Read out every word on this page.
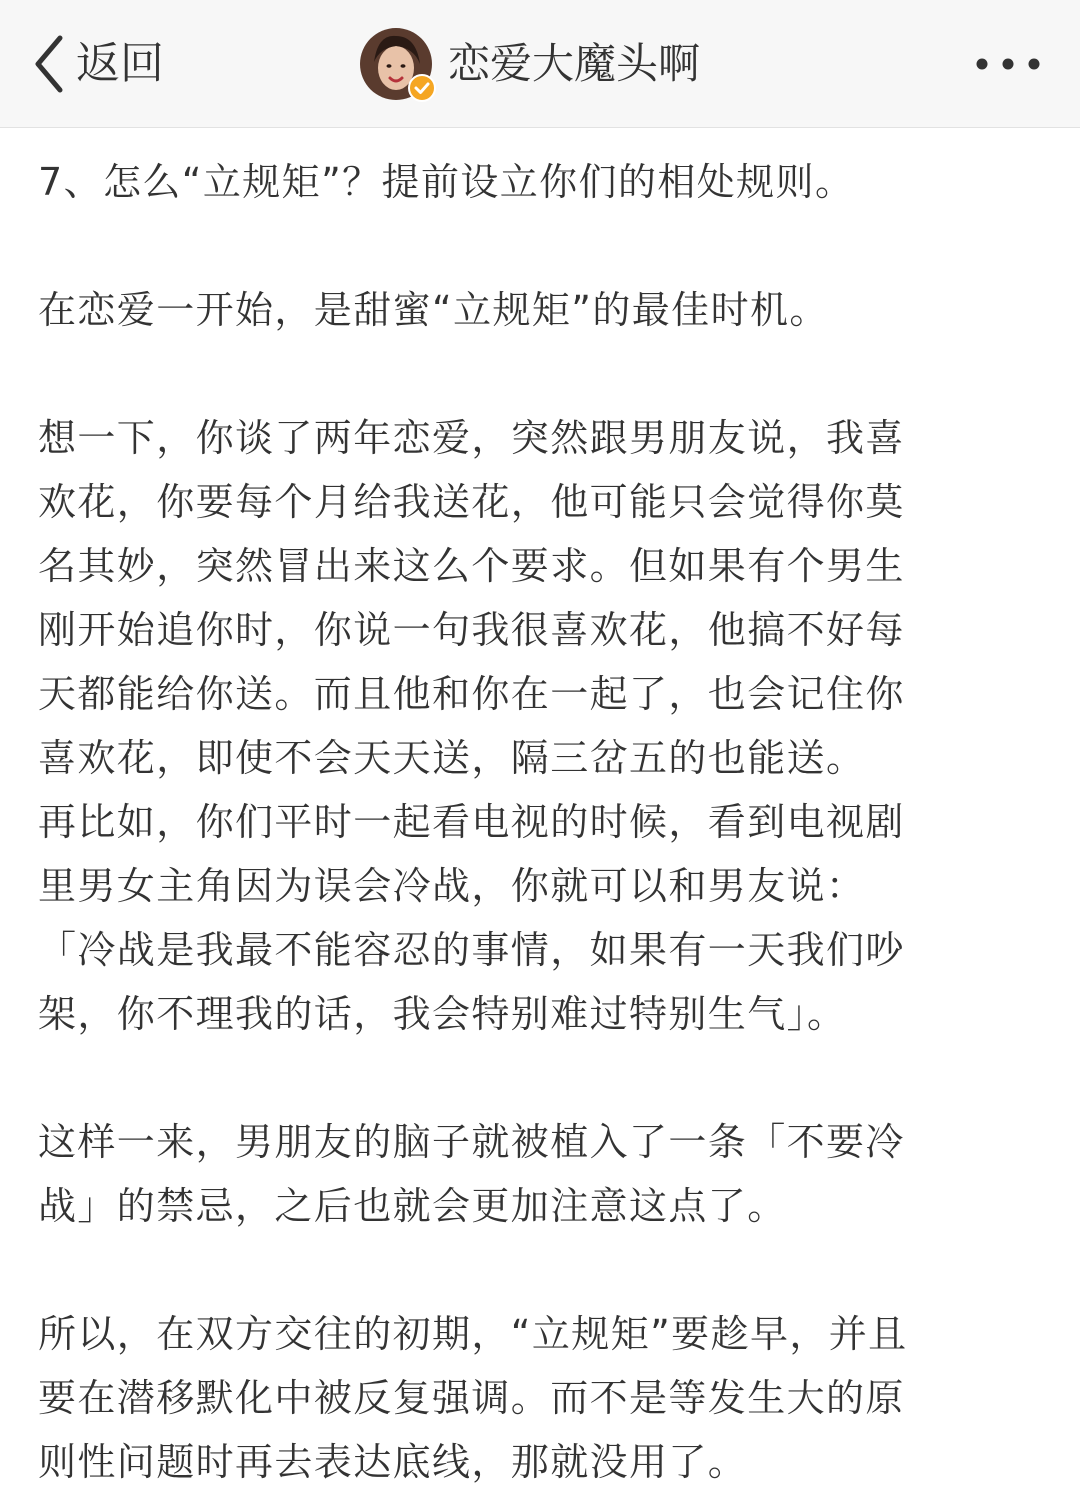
返回	恋爱大魔头啊

7、怎么“立规矩”？提前设立你们的相处规则。

在恋爱一开始，是甜蜜“立规矩”的最佳时机。

想一下，你谈了两年恋爱，突然跟男朋友说，我喜
欢花，你要每个月给我送花，他可能只会觉得你莫
名其妙，突然冒出来这么个要求。但如果有个男生
刚开始追你时，你说一句我很喜欢花，他搞不好每
天都能给你送。而且他和你在一起了，也会记住你
喜欢花，即使不会天天送，隔三岔五的也能送。
再比如，你们平时一起看电视的时候，看到电视剧
里男女主角因为误会冷战，你就可以和男友说：
「冷战是我最不能容忍的事情，如果有一天我们吵
架，你不理我的话，我会特别难过特别生气」。

这样一来，男朋友的脑子就被植入了一条「不要冷
战」的禁忌，之后也就会更加注意这点了。

所以，在双方交往的初期，“立规矩”要趁早，并且
要在潜移默化中被反复强调。而不是等发生大的原
则性问题时再去表达底线，那就没用了。
